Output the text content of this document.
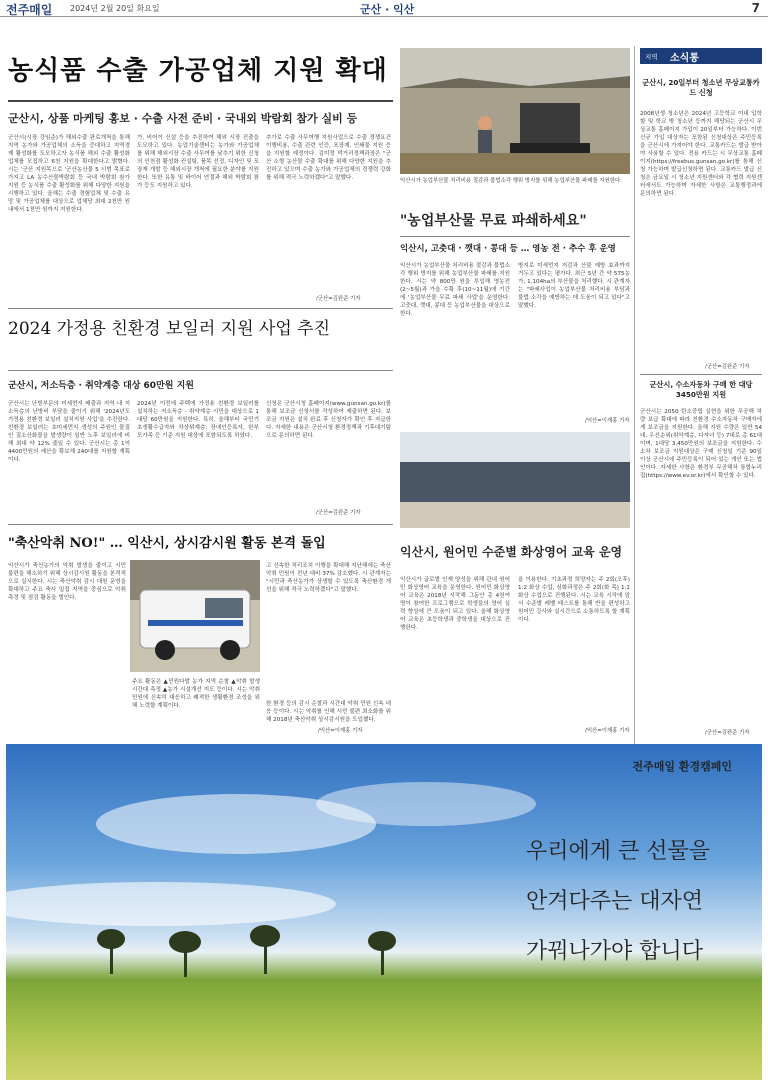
전주매일 2024년 2월 20일 화요일	군산 · 익산	7
농식품 수출 가공업체 지원 확대
군산시, 상품 마케팅 홍보 · 수출 사전 준비 · 국내외 박람회 참가 실비 등
군산시(시장 강임준)가 해외수출 판로개척을 통해 지역 농가와 가공업체의 소득을 증대하고 지역경제 활성화를 도모하고자 농식품 해외 수출 활성화업체를 모집하고 6천 지원을 확대한다고 밝혔다. 시는 '군산 지원목으로 '군산농산물 5 시범 목표로 가지고 LA 농수산물박람회 등 국내 박람회 참가 지원 등 농식품 수출 활성화를 위해 다양한 지원을 시행하고 있다. 올해는 수출 경험업체 및 수출 유망 및 가공업체를 대상으로 업체당 최대 2천만 원 내에서 1천만 원까지 지원한다.
가, 비어이 신설 등을 추진하여 해외 시장 진출을 도모하고 있다. 농업기술센터는 농가와 가공업체를 위해 해외시장 수출 사무여를 낮추기 위한 신청의 인천점 활성화 컨설팅, 품목 선정, 디자인 및 포장재 개발 등 해외시장 개척에 필요한 분야를 지원한다. 또한 유통 및 바이어 연결과 해외 박람회 참가 등도 지원하고 있다.
추가로 수출 사무여행 지원사업으로 수출 경쟁요건 이행비용, 수출 관련 인증, 포장재, 인쇄물 지원 등을 지원할 예정이다. 김미정 먹거리정책과장은 "군산 소형 농산물 수출 확대를 위해 다양한 지원을 추진하고 있으며 수출 농가와 가공업체의 경쟁력 강화를 위해 적극 노력하겠다"고 말했다.
/군산=김완준 기자
2024 가정용 친환경 보일러 지원 사업 추진
군산시, 저소득층 · 취약계층 대상 60만원 지원
군산시는 난방부문의 미세먼지 배출과 지역 내 저소득층의 난방비 부담을 줄이기 위해 '2024년도 가정용 친환경 보일러 설치지원 사업'을 추진한다. 친환경 보일러는 초미세먼지 생성의 주원인 물질인 질소산화물을 발생량이 일반 노후 보일러에 비해 최대 약 12% 줄일 수 있다. 군산시는 총 1억4400만원의 예산을 확보해 240대를 지원할 계획이다.
2024년 이전에 주택에 가정용 친환경 보일러를 설치하는 저소득층 · 취약계층 시민을 대상으로 1대당 60만원을 지원한다. 특히, 올해부터 국민기초생활수급자와 차상위계층, 장애인등록자, 한부모가족 등 기준 지원 대상에 포함되도록 하였다.
신청은 군산시청 홈페이지(www.gunsan.go.kr)를 통해 보조금 신청서를 작성하여 제출하면 된다. 보조금 지원은 설치 완료 후 신청자가 확인 후 지급한다. 자세한 내용은 군산시청 환경정책과 기후대기팀으로 문의하면 된다.
/군산=김완준 기자
"축산악취 NO!" … 익산시, 상시감시원 활동 본격 돌입
익산시가 축산농가의 악취 발생을 줄이고 시민 불편을 해소하기 위해 상시감시원 활동을 본격적으로 실시한다. 시는 축산악취 감시 대원 운영을 확대하고 주요 축사 밀집 지역을 중심으로 악취 측정 및 점검 활동을 벌인다.
주요 활동은 ▲민원다발 농가 지역 순찰 ▲악취 발생 시간대 측정 ▲농가 시설개선 지도 등이다. 시는 악취 민원에 신속히 대응하고 쾌적한 생활환경 조성을 위해 노력할 계획이다.
고 신속한 처리조치 이행을 확대해 지난해에는 축산악취 민원이 전년 대비 37% 감소했다. 시 관계자는 "시민과 축산농가가 상생할 수 있도록 축산환경 개선을 위해 적극 노력하겠다"고 말했다.
/익산=이재홍 기자
익산시가 농업부산물 처리비용 절감과 불법소각 행위 방지를 위해 농업부산물 파쇄를 지원한다.
"농업부산물 무료 파쇄하세요"
익산시, 고춧대 · 깻대 · 콩대 등 … 영농 전 · 추수 후 운영
익산시가 농업부산물 처리비용 절감과 불법소각 행위 방지를 위해 농업부산물 파쇄를 지원한다. 시는 약 800만 원을 투입해 영농전(2~5월)과 가을 수확 후(10~11월)에 기간에 '농업부산물 무료 파쇄 사업'을 운영한다. 고춧대, 깻대, 콩대 등 농업부산물을 대상으로 한다.
방지로 미세먼지 저감과 산불 예방 효과까지 거두고 있다는 평가다. 최근 5년 간 약 575농가, 1,104ha의 부산물을 처리했다. 시 관계자는 "파쇄사업이 농업부산물 처리비용 부담과 불법 소각을 예방하는 데 도움이 되고 있다"고 말했다.
/익산=이재홍 기자
익산시, 원어민 수준별 화상영어 교육 운영
익산시가 글로벌 인재 양성을 위해 관내 원어민 화상영어 교육을 운영한다. 원어민 화상영어 교육은 2018년 시작해 그동안 총 4천여 명이 참여한 프로그램으로 학생들의 영어 실력 향상에 큰 도움이 되고 있다. 올해 화상영어 교육은 초등학생과 중학생을 대상으로 진행한다.
을 이용한다. 기초과정 희망자는 주 2회(오후) 1:2 화상 수업, 심화과정은 주 2회(화 목) 1:1 화상 수업으로 진행된다. 시는 교육 시작에 앞서 수준별 레벨 테스트를 통해 반을 편성하고 원어민 강사와 실시간으로 소통하도록 할 계획이다.
/익산=이재홍 기자
지역 소식통
군산시, 20일부터 청소년 무상교통카드 신청
2008년생 청소년은 2024년 고등학교 이내 입학할 및 학교 밖 청소년 등까지 해당되는 군산시 무상교통 홈페이지 가입이 20일부터 가능하다. 이번 신규 가입 대상자는 포함된 신청대상은 주민등록을 군산시에 가져어야 한다. 교통카드는 발급 받아야 사용할 수 있다. 전용 카드는 시 무상교통 홈페이지(https://freebus.gunsan.go.kr)를 통해 신청 가능하며 발급신청하면 된다. 교통카드 발급 신청은 금요일 시 청소년 지원센터와 각 협력 지원센터에서도 가능하며 자세한 사항은 교통행정과에 문의하면 된다.
/군산=김완준 기자
군산시, 수소자동차 구매 한 대당 3450만원 지원
군산시는 2050 탄소중립 실현을 위한 무공해 차량 보급 확대에 따라 친환경 수소자동차 구매자에게 보조금을 지원한다. 올해 지원 수량은 일반 54대, 우선순위(취약계층, 다자녀 등) 7대로 총 61대이며, 1대당 3,450만원의 보조금을 지원한다. 수소차 보조금 지원대상은 구매 신청일 기준 90일 이상 군산시에 주민등록이 되어 있는 개인 또는 법인이다. 자세한 사항은 환경부 무공해차 통합누리집(https://www.ev.or.kr)에서 확인할 수 있다.
/군산=김완준 기자
전주매일 환경캠페인
우리에게 큰 선물을
안겨다주는 대자연
가꿔나가야 합니다
한 환경 등의 감시 순찰과 시간대 악취 민원 신속 대응 등이다. 시는 악취를 인해 시민 불편 최소화를 위해 2018년 축산악취 상시감시원을 도입했다.
